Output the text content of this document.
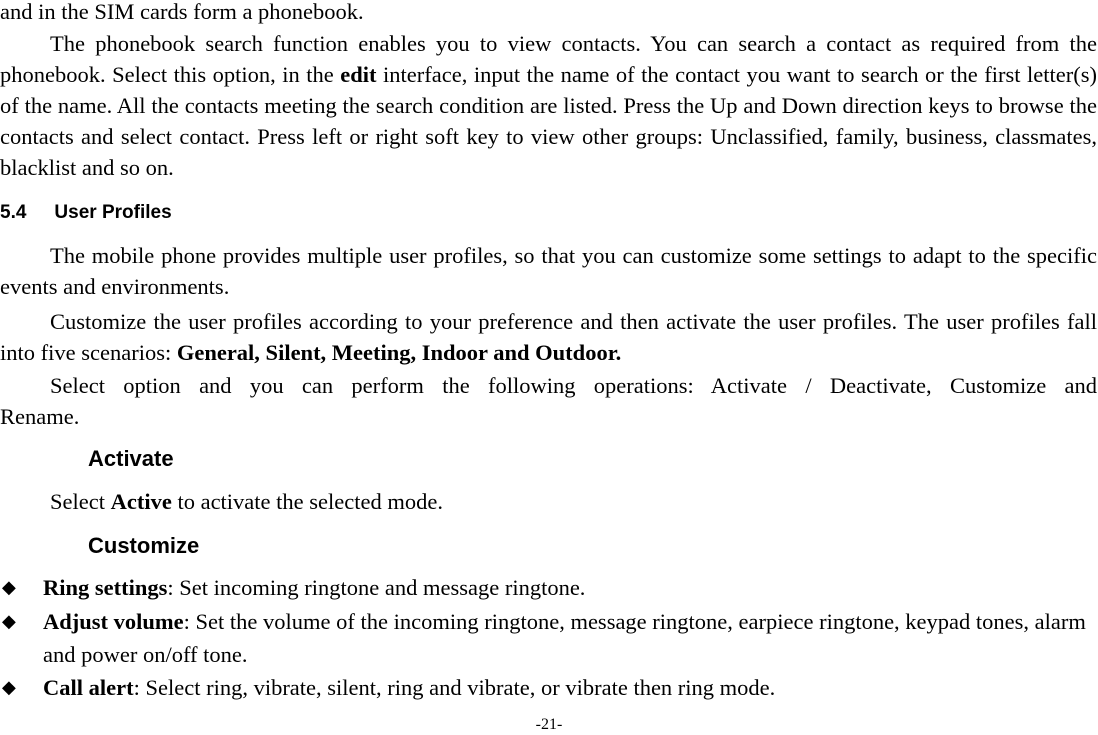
and in the SIM cards form a phonebook.
The phonebook search function enables you to view contacts. You can search a contact as required from the phonebook. Select this option, in the edit interface, input the name of the contact you want to search or the first letter(s) of the name. All the contacts meeting the search condition are listed. Press the Up and Down direction keys to browse the contacts and select contact. Press left or right soft key to view other groups: Unclassified, family, business, classmates, blacklist and so on.
5.4 User Profiles
The mobile phone provides multiple user profiles, so that you can customize some settings to adapt to the specific events and environments.
Customize the user profiles according to your preference and then activate the user profiles. The user profiles fall into five scenarios: General, Silent, Meeting, Indoor and Outdoor.
Select option and you can perform the following operations: Activate / Deactivate, Customize and Rename.
Activate
Select Active to activate the selected mode.
Customize
◆ Ring settings: Set incoming ringtone and message ringtone.
◆ Adjust volume: Set the volume of the incoming ringtone, message ringtone, earpiece ringtone, keypad tones, alarm and power on/off tone.
◆ Call alert: Select ring, vibrate, silent, ring and vibrate, or vibrate then ring mode.
-21-
